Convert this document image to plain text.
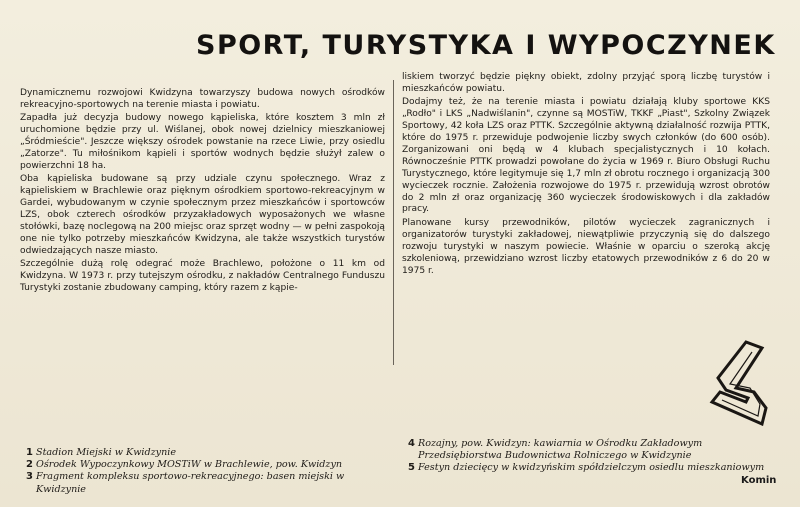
SPORT, TURYSTYKA I WYPOCZYNEK

Dynamicznemu rozwojowi Kwidzyna towarzyszy budowa nowych ośrodków rekreacyjno-sportowych na terenie miasta i powiatu.

Zapadła już decyzja budowy nowego kąpieliska, które kosztem 3 mln zł uruchomione będzie przy ul. Wiślanej, obok nowej dzielnicy mieszkaniowej „Śródmieście". Jeszcze większy ośrodek powstanie na rzece Liwie, przy osiedlu „Zatorze". Tu miłośnikom kąpieli i sportów wodnych będzie służył zalew o powierzchni 18 ha.

Oba kąpieliska budowane są przy udziale czynu społecznego. Wraz z kąpieliskiem w Brachlewie oraz pięknym ośrodkiem sportowo-rekreacyjnym w Gardei, wybudowanym w czynie społecznym przez mieszkańców i sportowców LZS, obok czterech ośrodków przyzakładowych wyposażonych we własne stołówki, bazę noclegową na 200 miejsc oraz sprzęt wodny — w pełni zaspokoją one nie tylko potrzeby mieszkańców Kwidzyna, ale także wszystkich turystów odwiedzających nasze miasto.

Szczególnie dużą rolę odegrać może Brachlewo, położone o 11 km od Kwidzyna. W 1973 r. przy tutejszym ośrodku, z nakładów Centralnego Funduszu Turystyki zostanie zbudowany camping, który razem z kąpie-

liskiem tworzyć będzie piękny obiekt, zdolny przyjąć sporą liczbę turystów i mieszkańców powiatu.

Dodajmy też, że na terenie miasta i powiatu działają kluby sportowe KKS „Rodło" i LKS „Nadwiślanin", czynne są MOSTiW, TKKF „Piast", Szkolny Związek Sportowy, 42 koła LZS oraz PTTK. Szczególnie aktywną działalność rozwija PTTK, które do 1975 r. przewiduje podwojenie liczby swych członków (do 600 osób). Zorganizowani oni będą w 4 klubach specjalistycznych i 10 kołach. Równocześnie PTTK prowadzi powołane do życia w 1969 r. Biuro Obsługi Ruchu Turystycznego, które legitymuje się 1,7 mln zł obrotu rocznego i organizacją 300 wycieczek rocznie. Założenia rozwojowe do 1975 r. przewidują wzrost obrotów do 2 mln zł oraz organizację 360 wycieczek środowiskowych i dla zakładów pracy.

Planowane kursy przewodników, pilotów wycieczek zagranicznych i organizatorów turystyki zakładowej, niewątpliwie przyczynią się do dalszego rozwoju turystyki w naszym powiecie. Właśnie w oparciu o szeroką akcję szkoleniową, przewidziano wzrost liczby etatowych przewodników z 6 do 20 w 1975 r.

1 Stadion Miejski w Kwidzynie
2 Ośrodek Wypoczynkowy MOSTiW w Brachlewie, pow. Kwidzyn
3 Fragment kompleksu sportowo-rekreacyjnego: basen miejski w Kwidzynie
4 Rozajny, pow. Kwidzyn: kawiarnia w Ośrodku Zakładowym Przedsiębiorstwa Budownictwa Rolniczego w Kwidzynie
5 Festyn dziecięcy w kwidzyńskim spółdzielczym osiedlu mieszkaniowym
Komin
